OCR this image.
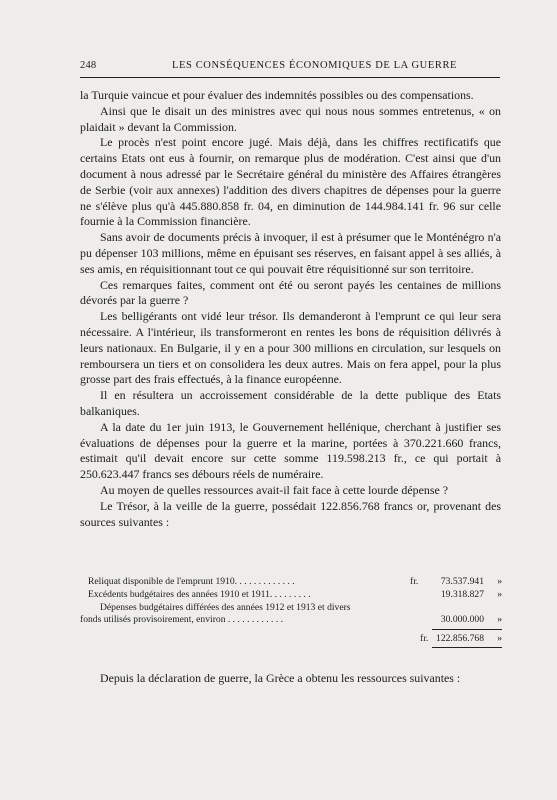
248	LES CONSÉQUENCES ÉCONOMIQUES DE LA GUERRE

la Turquie vaincue et pour évaluer des indemnités possibles ou des compensations.

Ainsi que le disait un des ministres avec qui nous nous sommes entretenus, « on plaidait » devant la Commission.

Le procès n'est point encore jugé. Mais déjà, dans les chiffres rectificatifs que certains Etats ont eus à fournir, on remarque plus de modération. C'est ainsi que d'un document à nous adressé par le Secrétaire général du ministère des Affaires étrangères de Serbie (voir aux annexes) l'addition des divers chapitres de dépenses pour la guerre ne s'élève plus qu'à 445.880.858 fr. 04, en diminution de 144.984.141 fr. 96 sur celle fournie à la Commission financière.

Sans avoir de documents précis à invoquer, il est à présumer que le Monténégro n'a pu dépenser 103 millions, même en épuisant ses réserves, en faisant appel à ses alliés, à ses amis, en réquisitionnant tout ce qui pouvait être réquisitionné sur son territoire.

Ces remarques faites, comment ont été ou seront payés les centaines de millions dévorés par la guerre ?

Les belligérants ont vidé leur trésor. Ils demanderont à l'emprunt ce qui leur sera nécessaire. A l'intérieur, ils transformeront en rentes les bons de réquisition délivrés à leurs nationaux. En Bulgarie, il y en a pour 300 millions en circulation, sur lesquels on remboursera un tiers et on consolidera les deux autres. Mais on fera appel, pour la plus grosse part des frais effectués, à la finance européenne.

Il en résultera un accroissement considérable de la dette publique des Etats balkaniques.

A la date du 1er juin 1913, le Gouvernement hellénique, cherchant à justifier ses évaluations de dépenses pour la guerre et la marine, portées à 370.221.660 francs, estimait qu'il devait encore sur cette somme 119.598.213 fr., ce qui portait à 250.623.447 francs ses débours réels de numéraire.

Au moyen de quelles ressources avait-il fait face à cette lourde dépense ?

Le Trésor, à la veille de la guerre, possédait 122.856.768 francs or, provenant des sources suivantes :

Reliquat disponible de l'emprunt 1910. . . . . . . . . . . . .	fr. 73.537.941 »
Excédents budgétaires des années 1910 et 1911. . . . . . . . .	19.318.827 »
Dépenses budgétaires différées des années 1912 et 1913 et divers
fonds utilisés provisoirement, environ . . . . . . . . . . . .	30.000.000 »
fr. 122.856.768 »

Depuis la déclaration de guerre, la Grèce a obtenu les ressources suivantes :
